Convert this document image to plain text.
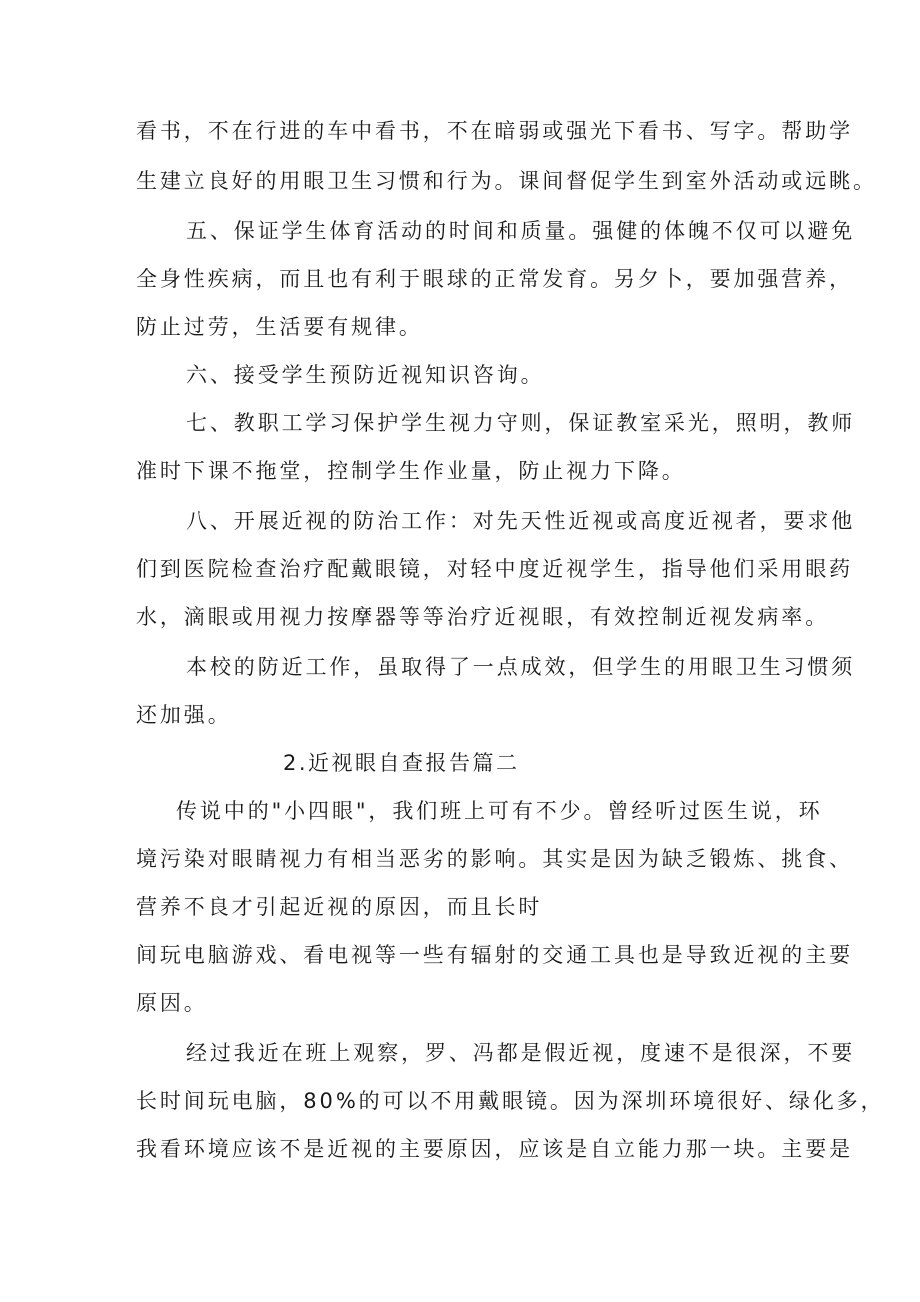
看书，不在行进的车中看书，不在暗弱或强光下看书、写字。帮助学
生建立良好的用眼卫生习惯和行为。课间督促学生到室外活动或远眺。
五、保证学生体育活动的时间和质量。强健的体魄不仅可以避免
全身性疾病，而且也有利于眼球的正常发育。另夕卜，要加强营养，
防止过劳，生活要有规律。
六、接受学生预防近视知识咨询。
七、教职工学习保护学生视力守则，保证教室采光，照明，教师
准时下课不拖堂，控制学生作业量，防止视力下降。
八、开展近视的防治工作：对先天性近视或高度近视者，要求他
们到医院检查治疗配戴眼镜，对轻中度近视学生，指导他们采用眼药
水，滴眼或用视力按摩器等等治疗近视眼，有效控制近视发病率。
本校的防近工作，虽取得了一点成效，但学生的用眼卫生习惯须
还加强。
2.近视眼自查报告篇二
传说中的"小四眼"，我们班上可有不少。曾经听过医生说，环
境污染对眼睛视力有相当恶劣的影响。其实是因为缺乏锻炼、挑食、
营养不良才引起近视的原因，而且长时
间玩电脑游戏、看电视等一些有辐射的交通工具也是导致近视的主要
原因。
经过我近在班上观察，罗、冯都是假近视，度速不是很深，不要
长时间玩电脑，80%的可以不用戴眼镜。因为深圳环境很好、绿化多，
我看环境应该不是近视的主要原因，应该是自立能力那一块。主要是
